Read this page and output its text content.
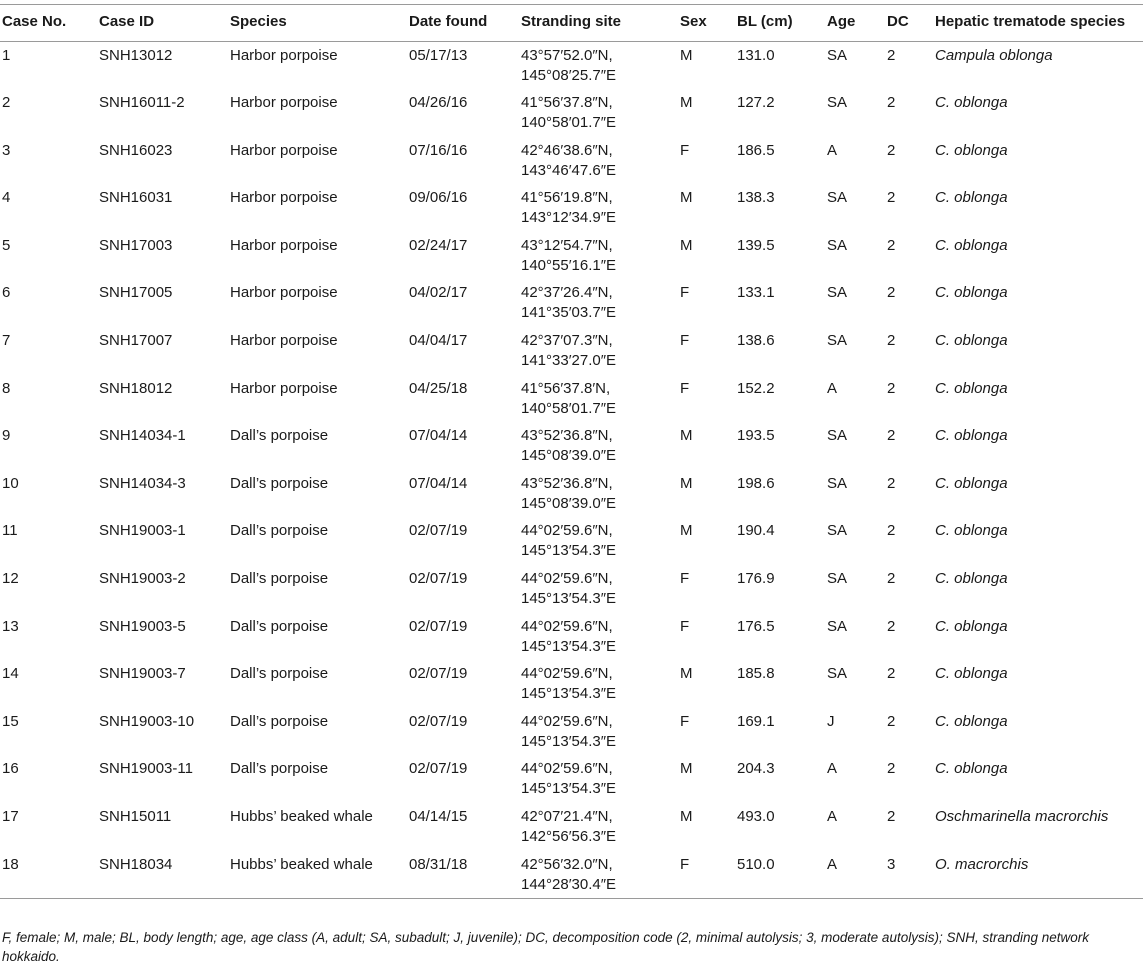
Case No.	Case ID	Species	Date found	Stranding site	Sex	BL (cm)	Age	DC	Hepatic trematode species
1	SNH13012	Harbor porpoise	05/17/13	43°57′52.0″N,
145°08′25.7″E	M	131.0	SA	2	Campula oblonga
2	SNH16011-2	Harbor porpoise	04/26/16	41°56′37.8″N,
140°58′01.7″E	M	127.2	SA	2	C. oblonga
3	SNH16023	Harbor porpoise	07/16/16	42°46′38.6″N,
143°46′47.6″E	F	186.5	A	2	C. oblonga
4	SNH16031	Harbor porpoise	09/06/16	41°56′19.8″N,
143°12′34.9″E	M	138.3	SA	2	C. oblonga
5	SNH17003	Harbor porpoise	02/24/17	43°12′54.7″N,
140°55′16.1″E	M	139.5	SA	2	C. oblonga
6	SNH17005	Harbor porpoise	04/02/17	42°37′26.4″N,
141°35′03.7″E	F	133.1	SA	2	C. oblonga
7	SNH17007	Harbor porpoise	04/04/17	42°37′07.3″N,
141°33′27.0″E	F	138.6	SA	2	C. oblonga
8	SNH18012	Harbor porpoise	04/25/18	41°56′37.8′N,
140°58′01.7″E	F	152.2	A	2	C. oblonga
9	SNH14034-1	Dall’s porpoise	07/04/14	43°52′36.8″N,
145°08′39.0″E	M	193.5	SA	2	C. oblonga
10	SNH14034-3	Dall’s porpoise	07/04/14	43°52′36.8″N,
145°08′39.0″E	M	198.6	SA	2	C. oblonga
11	SNH19003-1	Dall’s porpoise	02/07/19	44°02′59.6″N,
145°13′54.3″E	M	190.4	SA	2	C. oblonga
12	SNH19003-2	Dall’s porpoise	02/07/19	44°02′59.6″N,
145°13′54.3″E	F	176.9	SA	2	C. oblonga
13	SNH19003-5	Dall’s porpoise	02/07/19	44°02′59.6″N,
145°13′54.3″E	F	176.5	SA	2	C. oblonga
14	SNH19003-7	Dall’s porpoise	02/07/19	44°02′59.6″N,
145°13′54.3″E	M	185.8	SA	2	C. oblonga
15	SNH19003-10	Dall’s porpoise	02/07/19	44°02′59.6″N,
145°13′54.3″E	F	169.1	J	2	C. oblonga
16	SNH19003-11	Dall’s porpoise	02/07/19	44°02′59.6″N,
145°13′54.3″E	M	204.3	A	2	C. oblonga
17	SNH15011	Hubbs’ beaked whale	04/14/15	42°07′21.4″N,
142°56′56.3″E	M	493.0	A	2	Oschmarinella macrorchis
18	SNH18034	Hubbs’ beaked whale	08/31/18	42°56′32.0″N,
144°28′30.4″E	F	510.0	A	3	O. macrorchis
F, female; M, male; BL, body length; age, age class (A, adult; SA, subadult; J, juvenile); DC, decomposition code (2, minimal autolysis; 3, moderate autolysis); SNH, stranding network hokkaido.
